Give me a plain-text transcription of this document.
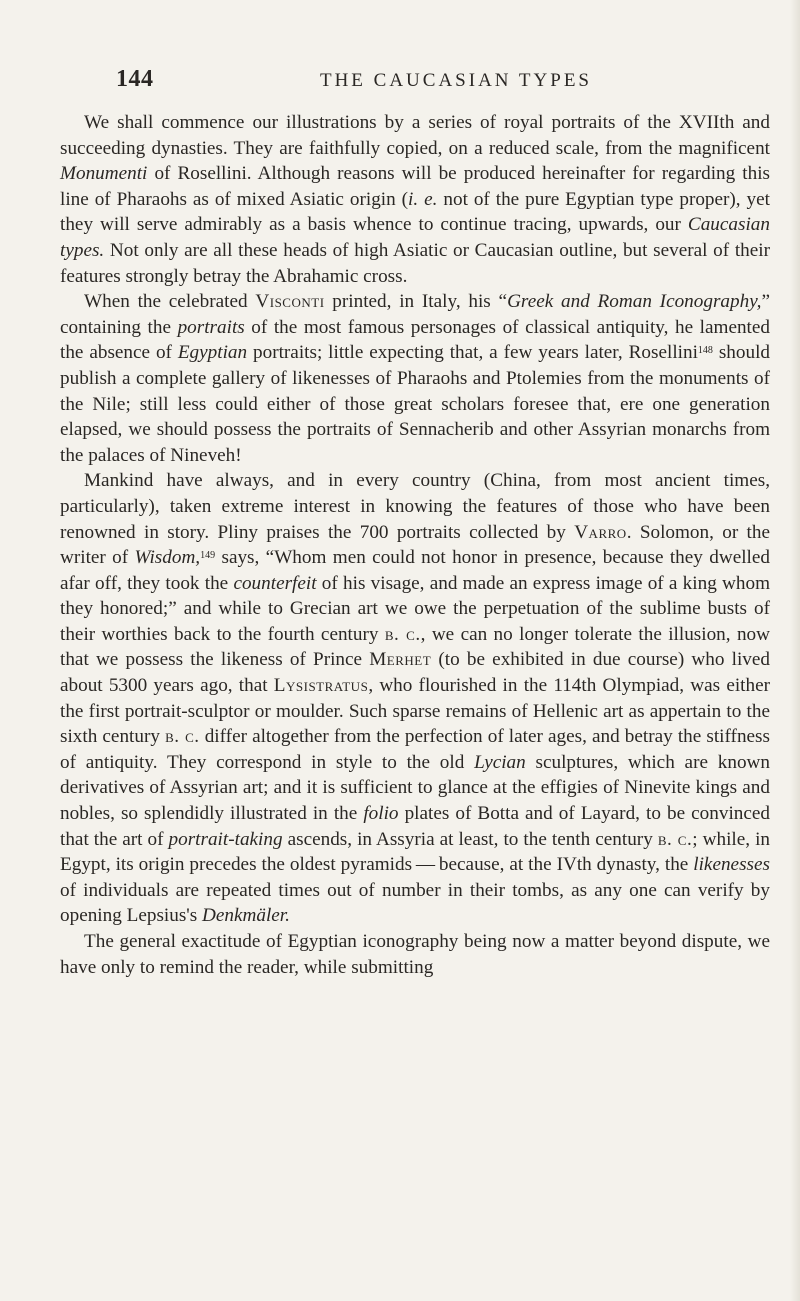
144	THE CAUCASIAN TYPES

We shall commence our illustrations by a series of royal portraits of the XVIIth and succeeding dynasties. They are faithfully copied, on a reduced scale, from the magnificent Monumenti of Rosellini. Although reasons will be produced hereinafter for regarding this line of Pharaohs as of mixed Asiatic origin (i. e. not of the pure Egyptian type proper), yet they will serve admirably as a basis whence to continue tracing, upwards, our Caucasian types. Not only are all these heads of high Asiatic or Caucasian outline, but several of their features strongly betray the Abrahamic cross.

When the celebrated Visconti printed, in Italy, his “Greek and Roman Iconography,” containing the portraits of the most famous personages of classical antiquity, he lamented the absence of Egyptian portraits; little expecting that, a few years later, Rosellini$^{148}$ should publish a complete gallery of likenesses of Pharaohs and Ptolemies from the monuments of the Nile; still less could either of those great scholars foresee that, ere one generation elapsed, we should possess the portraits of Sennacherib and other Assyrian monarchs from the palaces of Nineveh!

Mankind have always, and in every country (China, from most ancient times, particularly), taken extreme interest in knowing the features of those who have been renowned in story. Pliny praises the 700 portraits collected by Varro. Solomon, or the writer of Wisdom,$^{149}$ says, “Whom men could not honor in presence, because they dwelled afar off, they took the counterfeit of his visage, and made an express image of a king whom they honored;” and while to Grecian art we owe the perpetuation of the sublime busts of their worthies back to the fourth century b. c., we can no longer tolerate the illusion, now that we possess the likeness of Prince Merhet (to be exhibited in due course) who lived about 5300 years ago, that Lysistratus, who flourished in the 114th Olympiad, was either the first portrait-sculptor or moulder. Such sparse remains of Hellenic art as appertain to the sixth century b. c. differ altogether from the perfection of later ages, and betray the stiffness of antiquity. They correspond in style to the old Lycian sculptures, which are known derivatives of Assyrian art; and it is sufficient to glance at the effigies of Ninevite kings and nobles, so splendidly illustrated in the folio plates of Botta and of Layard, to be convinced that the art of portrait-taking ascends, in Assyria at least, to the tenth century b. c.; while, in Egypt, its origin precedes the oldest pyramids — because, at the IVth dynasty, the likenesses of individuals are repeated times out of number in their tombs, as any one can verify by opening Lepsius's Denkmäler.

The general exactitude of Egyptian iconography being now a matter beyond dispute, we have only to remind the reader, while submitting
